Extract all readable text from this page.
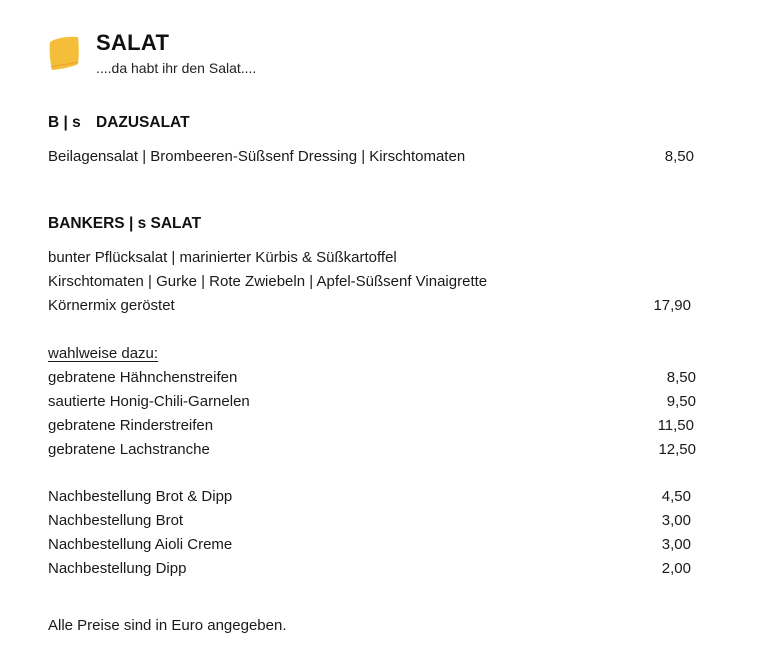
SALAT
....da habt ihr den Salat....
B | s DAZUSALAT
Beilagensalat | Brombeeren-Süßsenf Dressing | Kirschtomaten	8,50
BANKERS | s SALAT
bunter Pflücksalat | marinierter Kürbis & Süßkartoffel
Kirschtomaten | Gurke | Rote Zwiebeln | Apfel-Süßsenf Vinaigrette
Körnermix geröstet	17,90
wahlweise dazu:
gebratene Hähnchenstreifen	8,50
sautierte Honig-Chili-Garnelen	9,50
gebratene Rinderstreifen	11,50
gebratene Lachstranche	12,50
Nachbestellung Brot & Dipp	4,50
Nachbestellung Brot	3,00
Nachbestellung Aioli Creme	3,00
Nachbestellung Dipp	2,00
Alle Preise sind in Euro angegeben.
